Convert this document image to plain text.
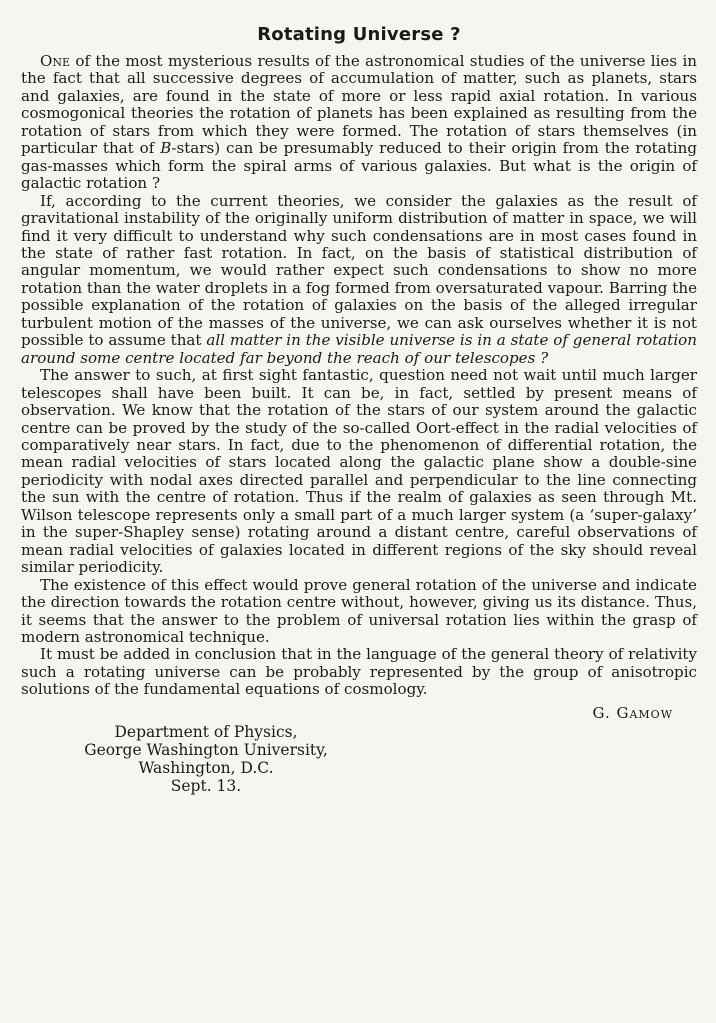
Rotating Universe ?

One of the most mysterious results of the astronomical studies of the universe lies in the fact that all successive degrees of accumulation of matter, such as planets, stars and galaxies, are found in the state of more or less rapid axial rotation. In various cosmogonical theories the rotation of planets has been explained as resulting from the rotation of stars from which they were formed. The rotation of stars themselves (in particular that of B-stars) can be presumably reduced to their origin from the rotating gas-masses which form the spiral arms of various galaxies. But what is the origin of galactic rotation ?

If, according to the current theories, we consider the galaxies as the result of gravitational instability of the originally uniform distribution of matter in space, we will find it very difficult to understand why such condensations are in most cases found in the state of rather fast rotation. In fact, on the basis of statistical distribution of angular momentum, we would rather expect such condensations to show no more rotation than the water droplets in a fog formed from oversaturated vapour. Barring the possible explanation of the rotation of galaxies on the basis of the alleged irregular turbulent motion of the masses of the universe, we can ask ourselves whether it is not possible to assume that all matter in the visible universe is in a state of general rotation around some centre located far beyond the reach of our telescopes ?

The answer to such, at first sight fantastic, question need not wait until much larger telescopes shall have been built. It can be, in fact, settled by present means of observation. We know that the rotation of the stars of our system around the galactic centre can be proved by the study of the so-called Oort-effect in the radial velocities of comparatively near stars. In fact, due to the phenomenon of differential rotation, the mean radial velocities of stars located along the galactic plane show a double-sine periodicity with nodal axes directed parallel and perpendicular to the line connecting the sun with the centre of rotation. Thus if the realm of galaxies as seen through Mt. Wilson telescope represents only a small part of a much larger system (a ‘super-galaxy’ in the super-Shapley sense) rotating around a distant centre, careful observations of mean radial velocities of galaxies located in different regions of the sky should reveal similar periodicity.

The existence of this effect would prove general rotation of the universe and indicate the direction towards the rotation centre without, however, giving us its distance. Thus, it seems that the answer to the problem of universal rotation lies within the grasp of modern astronomical technique.

It must be added in conclusion that in the language of the general theory of relativity such a rotating universe can be probably represented by the group of anisotropic solutions of the fundamental equations of cosmology.

G. Gamow
Department of Physics,
George Washington University,
Washington, D.C.
Sept. 13.
